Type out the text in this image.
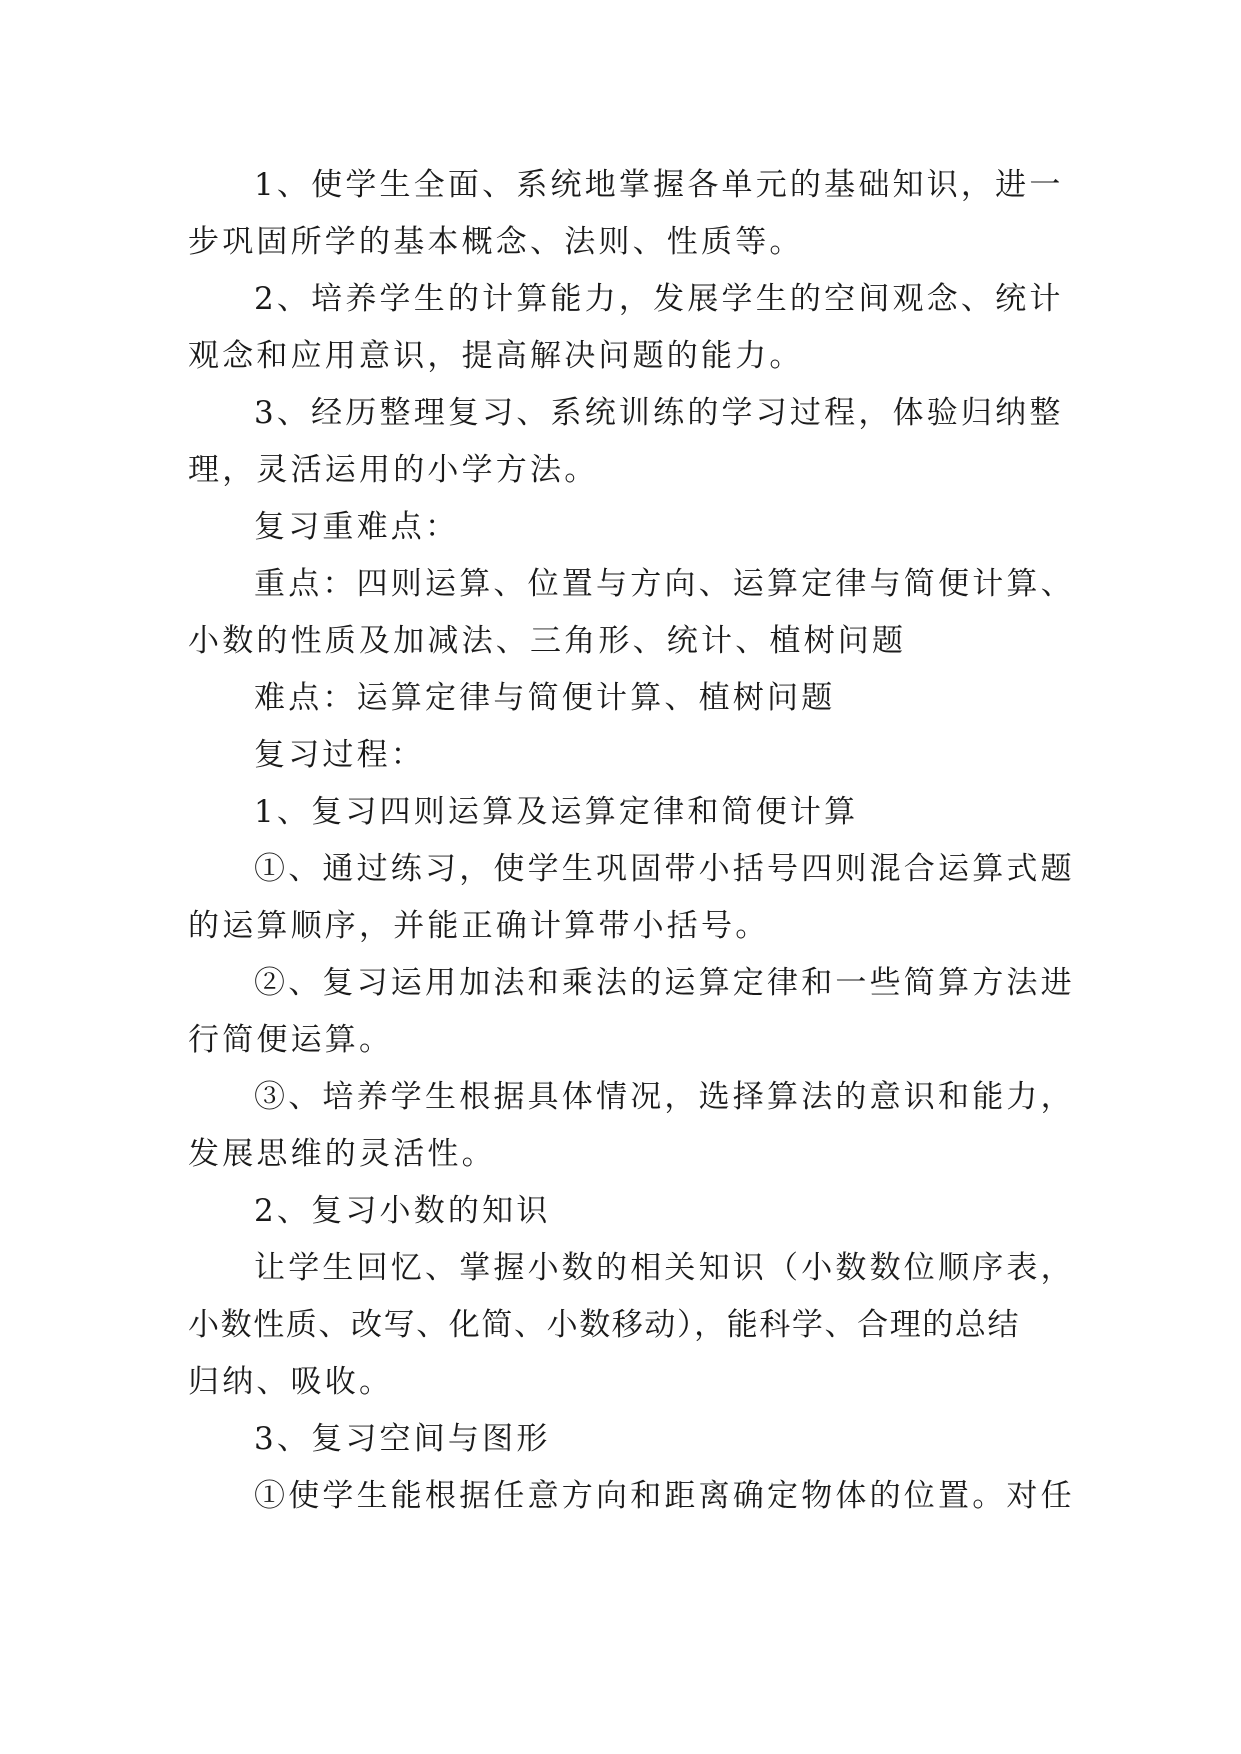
1、使学生全面、系统地掌握各单元的基础知识，进一
步巩固所学的基本概念、法则、性质等。
2、培养学生的计算能力，发展学生的空间观念、统计
观念和应用意识，提高解决问题的能力。
3、经历整理复习、系统训练的学习过程，体验归纳整
理，灵活运用的小学方法。
复习重难点：
重点：四则运算、位置与方向、运算定律与简便计算、
小数的性质及加减法、三角形、统计、植树问题
难点：运算定律与简便计算、植树问题
复习过程：
1、复习四则运算及运算定律和简便计算
①、通过练习，使学生巩固带小括号四则混合运算式题
的运算顺序，并能正确计算带小括号。
②、复习运用加法和乘法的运算定律和一些简算方法进
行简便运算。
③、培养学生根据具体情况，选择算法的意识和能力，
发展思维的灵活性。
2、复习小数的知识
让学生回忆、掌握小数的相关知识（小数数位顺序表，
小数性质、改写、化简、小数移动），能科学、合理的总结
归纳、吸收。
3、复习空间与图形
①使学生能根据任意方向和距离确定物体的位置。对任
